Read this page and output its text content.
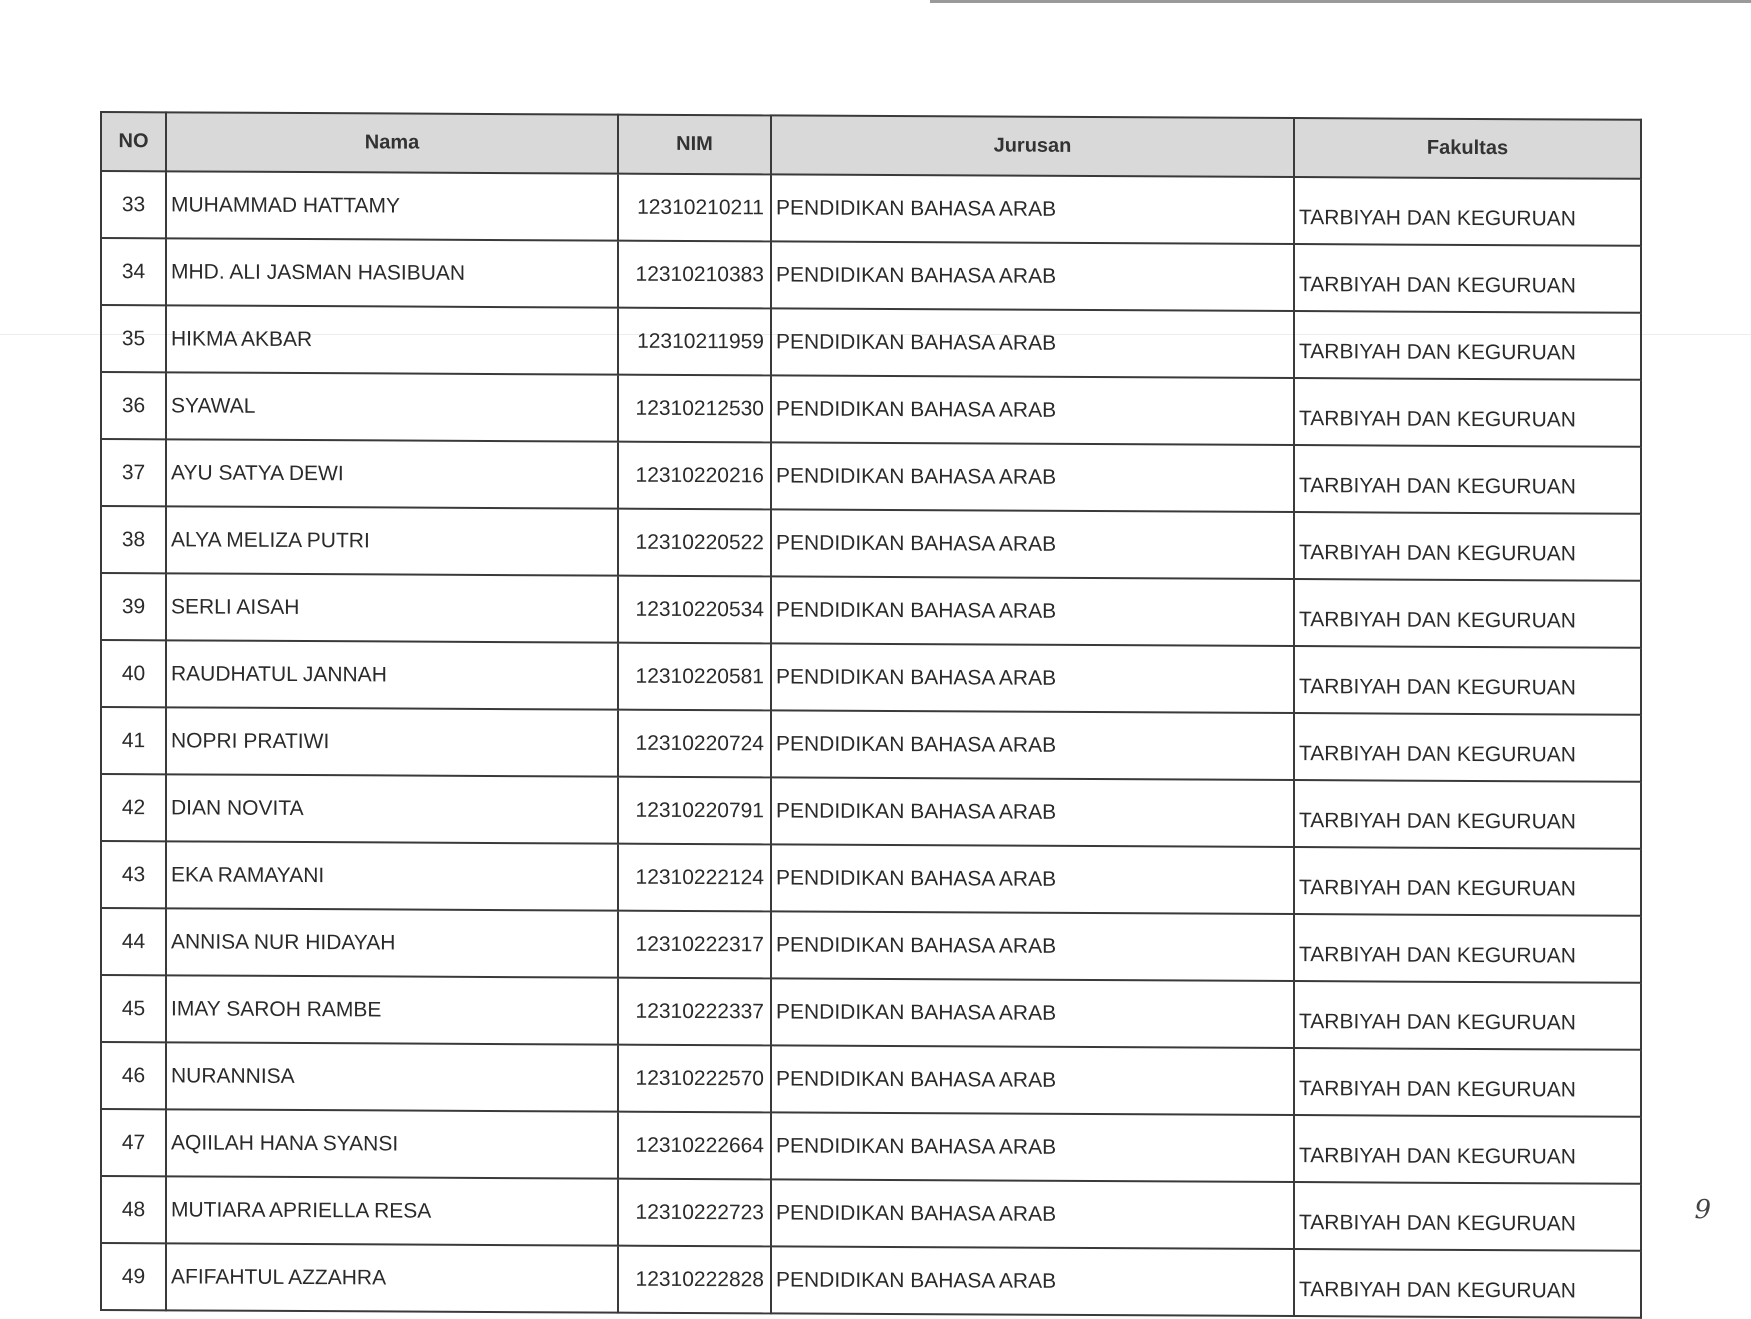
NO	Nama	NIM	Jurusan	Fakultas
33	MUHAMMAD HATTAMY	12310210211	PENDIDIKAN BAHASA ARAB	TARBIYAH DAN KEGURUAN
34	MHD. ALI JASMAN HASIBUAN	12310210383	PENDIDIKAN BAHASA ARAB	TARBIYAH DAN KEGURUAN
35	HIKMA AKBAR	12310211959	PENDIDIKAN BAHASA ARAB	TARBIYAH DAN KEGURUAN
36	SYAWAL	12310212530	PENDIDIKAN BAHASA ARAB	TARBIYAH DAN KEGURUAN
37	AYU SATYA DEWI	12310220216	PENDIDIKAN BAHASA ARAB	TARBIYAH DAN KEGURUAN
38	ALYA MELIZA PUTRI	12310220522	PENDIDIKAN BAHASA ARAB	TARBIYAH DAN KEGURUAN
39	SERLI AISAH	12310220534	PENDIDIKAN BAHASA ARAB	TARBIYAH DAN KEGURUAN
40	RAUDHATUL JANNAH	12310220581	PENDIDIKAN BAHASA ARAB	TARBIYAH DAN KEGURUAN
41	NOPRI PRATIWI	12310220724	PENDIDIKAN BAHASA ARAB	TARBIYAH DAN KEGURUAN
42	DIAN NOVITA	12310220791	PENDIDIKAN BAHASA ARAB	TARBIYAH DAN KEGURUAN
43	EKA RAMAYANI	12310222124	PENDIDIKAN BAHASA ARAB	TARBIYAH DAN KEGURUAN
44	ANNISA NUR HIDAYAH	12310222317	PENDIDIKAN BAHASA ARAB	TARBIYAH DAN KEGURUAN
45	IMAY SAROH RAMBE	12310222337	PENDIDIKAN BAHASA ARAB	TARBIYAH DAN KEGURUAN
46	NURANNISA	12310222570	PENDIDIKAN BAHASA ARAB	TARBIYAH DAN KEGURUAN
47	AQIILAH HANA SYANSI	12310222664	PENDIDIKAN BAHASA ARAB	TARBIYAH DAN KEGURUAN
48	MUTIARA APRIELLA RESA	12310222723	PENDIDIKAN BAHASA ARAB	TARBIYAH DAN KEGURUAN
49	AFIFAHTUL AZZAHRA	12310222828	PENDIDIKAN BAHASA ARAB	TARBIYAH DAN KEGURUAN
9
